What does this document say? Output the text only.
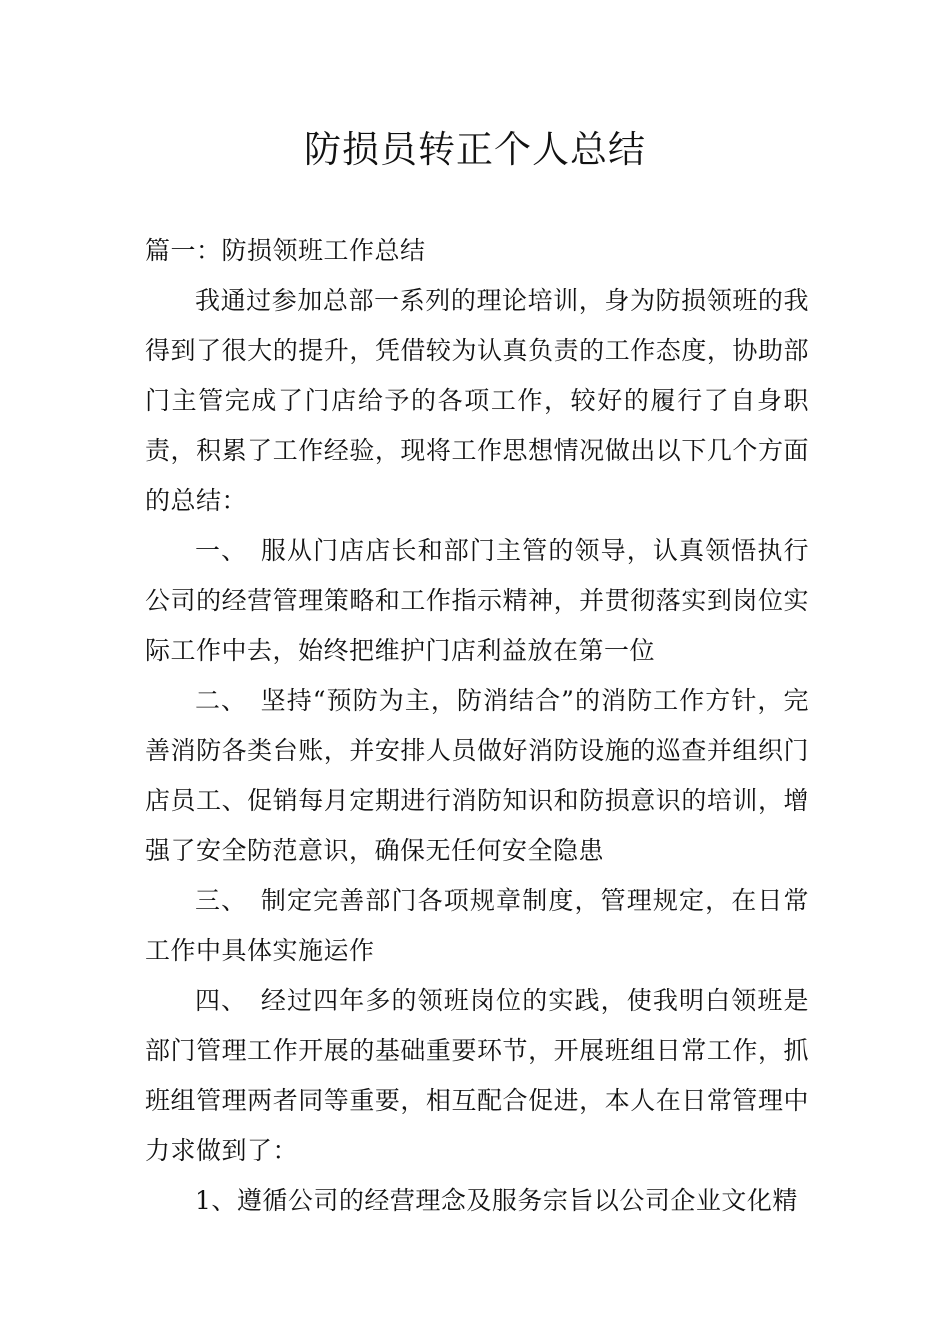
防损员转正个人总结

篇一：防损领班工作总结

我通过参加总部一系列的理论培训，身为防损领班的我得到了很大的提升，凭借较为认真负责的工作态度，协助部门主管完成了门店给予的各项工作，较好的履行了自身职责，积累了工作经验，现将工作思想情况做出以下几个方面的总结：

一、　服从门店店长和部门主管的领导，认真领悟执行公司的经营管理策略和工作指示精神，并贯彻落实到岗位实际工作中去，始终把维护门店利益放在第一位

二、　坚持“预防为主，防消结合”的消防工作方针，完善消防各类台账，并安排人员做好消防设施的巡查并组织门店员工、促销每月定期进行消防知识和防损意识的培训，增强了安全防范意识，确保无任何安全隐患

三、　制定完善部门各项规章制度，管理规定，在日常工作中具体实施运作

四、　经过四年多的领班岗位的实践，使我明白领班是部门管理工作开展的基础重要环节，开展班组日常工作，抓班组管理两者同等重要，相互配合促进，本人在日常管理中力求做到了：

1、遵循公司的经营理念及服务宗旨以公司企业文化精
